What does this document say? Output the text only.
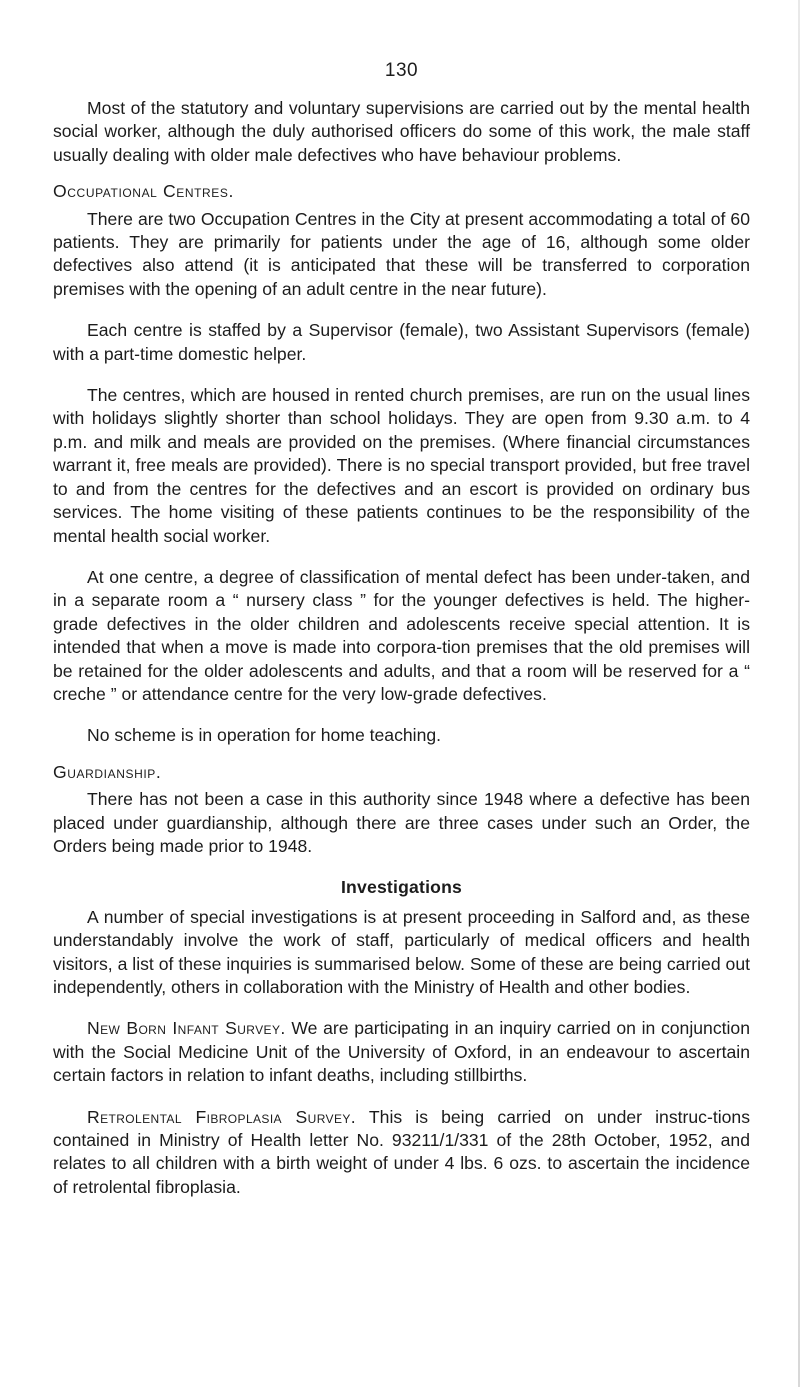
130

Most of the statutory and voluntary supervisions are carried out by the mental health social worker, although the duly authorised officers do some of this work, the male staff usually dealing with older male defectives who have behaviour problems.

Occupational Centres.

There are two Occupation Centres in the City at present accommodating a total of 60 patients. They are primarily for patients under the age of 16, although some older defectives also attend (it is anticipated that these will be transferred to corporation premises with the opening of an adult centre in the near future).

Each centre is staffed by a Supervisor (female), two Assistant Supervisors (female) with a part-time domestic helper.

The centres, which are housed in rented church premises, are run on the usual lines with holidays slightly shorter than school holidays. They are open from 9.30 a.m. to 4 p.m. and milk and meals are provided on the premises. (Where financial circumstances warrant it, free meals are provided). There is no special transport provided, but free travel to and from the centres for the defectives and an escort is provided on ordinary bus services. The home visiting of these patients continues to be the responsibility of the mental health social worker.

At one centre, a degree of classification of mental defect has been under-taken, and in a separate room a “ nursery class ” for the younger defectives is held. The higher-grade defectives in the older children and adolescents receive special attention. It is intended that when a move is made into corpora-tion premises that the old premises will be retained for the older adolescents and adults, and that a room will be reserved for a “ creche ” or attendance centre for the very low-grade defectives.

No scheme is in operation for home teaching.

Guardianship.

There has not been a case in this authority since 1948 where a defective has been placed under guardianship, although there are three cases under such an Order, the Orders being made prior to 1948.

Investigations

A number of special investigations is at present proceeding in Salford and, as these understandably involve the work of staff, particularly of medical officers and health visitors, a list of these inquiries is summarised below. Some of these are being carried out independently, others in collaboration with the Ministry of Health and other bodies.

New Born Infant Survey. We are participating in an inquiry carried on in conjunction with the Social Medicine Unit of the University of Oxford, in an endeavour to ascertain certain factors in relation to infant deaths, including stillbirths.

Retrolental Fibroplasia Survey. This is being carried on under instruc-tions contained in Ministry of Health letter No. 93211/1/331 of the 28th October, 1952, and relates to all children with a birth weight of under 4 lbs. 6 ozs. to ascertain the incidence of retrolental fibroplasia.
